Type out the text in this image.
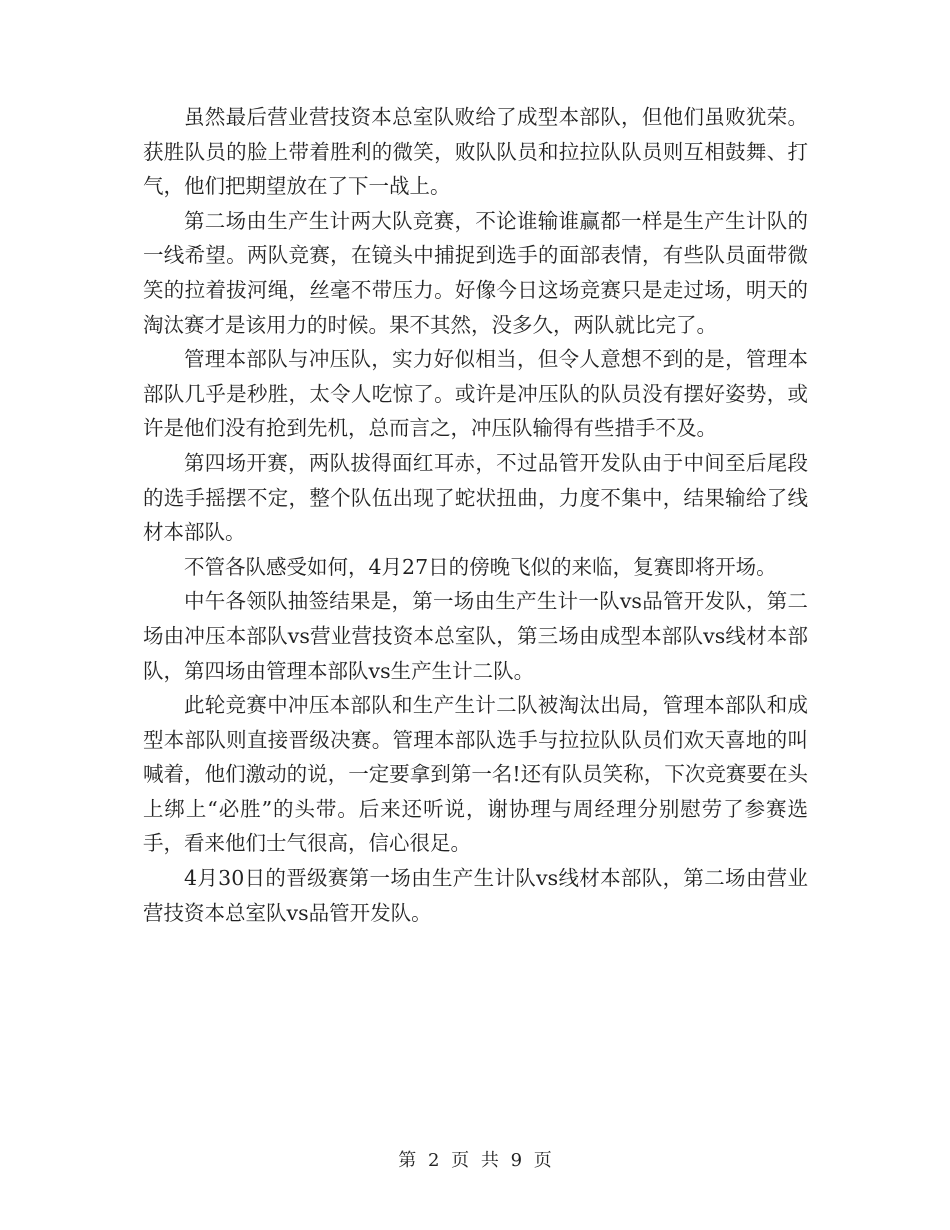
虽然最后营业营技资本总室队败给了成型本部队，但他们虽败犹荣。获胜队员的脸上带着胜利的微笑，败队队员和拉拉队队员则互相鼓舞、打气，他们把期望放在了下一战上。

第二场由生产生计两大队竞赛，不论谁输谁赢都一样是生产生计队的一线希望。两队竞赛，在镜头中捕捉到选手的面部表情，有些队员面带微笑的拉着拔河绳，丝毫不带压力。好像今日这场竞赛只是走过场，明天的淘汰赛才是该用力的时候。果不其然，没多久，两队就比完了。

管理本部队与冲压队，实力好似相当，但令人意想不到的是，管理本部队几乎是秒胜，太令人吃惊了。或许是冲压队的队员没有摆好姿势，或许是他们没有抢到先机，总而言之，冲压队输得有些措手不及。

第四场开赛，两队拔得面红耳赤，不过品管开发队由于中间至后尾段的选手摇摆不定，整个队伍出现了蛇状扭曲，力度不集中，结果输给了线材本部队。

不管各队感受如何，4月27日的傍晚飞似的来临，复赛即将开场。

中午各领队抽签结果是，第一场由生产生计一队vs品管开发队，第二场由冲压本部队vs营业营技资本总室队，第三场由成型本部队vs线材本部队，第四场由管理本部队vs生产生计二队。

此轮竞赛中冲压本部队和生产生计二队被淘汰出局，管理本部队和成型本部队则直接晋级决赛。管理本部队选手与拉拉队队员们欢天喜地的叫喊着，他们激动的说，一定要拿到第一名!还有队员笑称，下次竞赛要在头上绑上“必胜”的头带。后来还听说，谢协理与周经理分别慰劳了参赛选手，看来他们士气很高，信心很足。

4月30日的晋级赛第一场由生产生计队vs线材本部队，第二场由营业营技资本总室队vs品管开发队。

第 2 页 共 9 页
